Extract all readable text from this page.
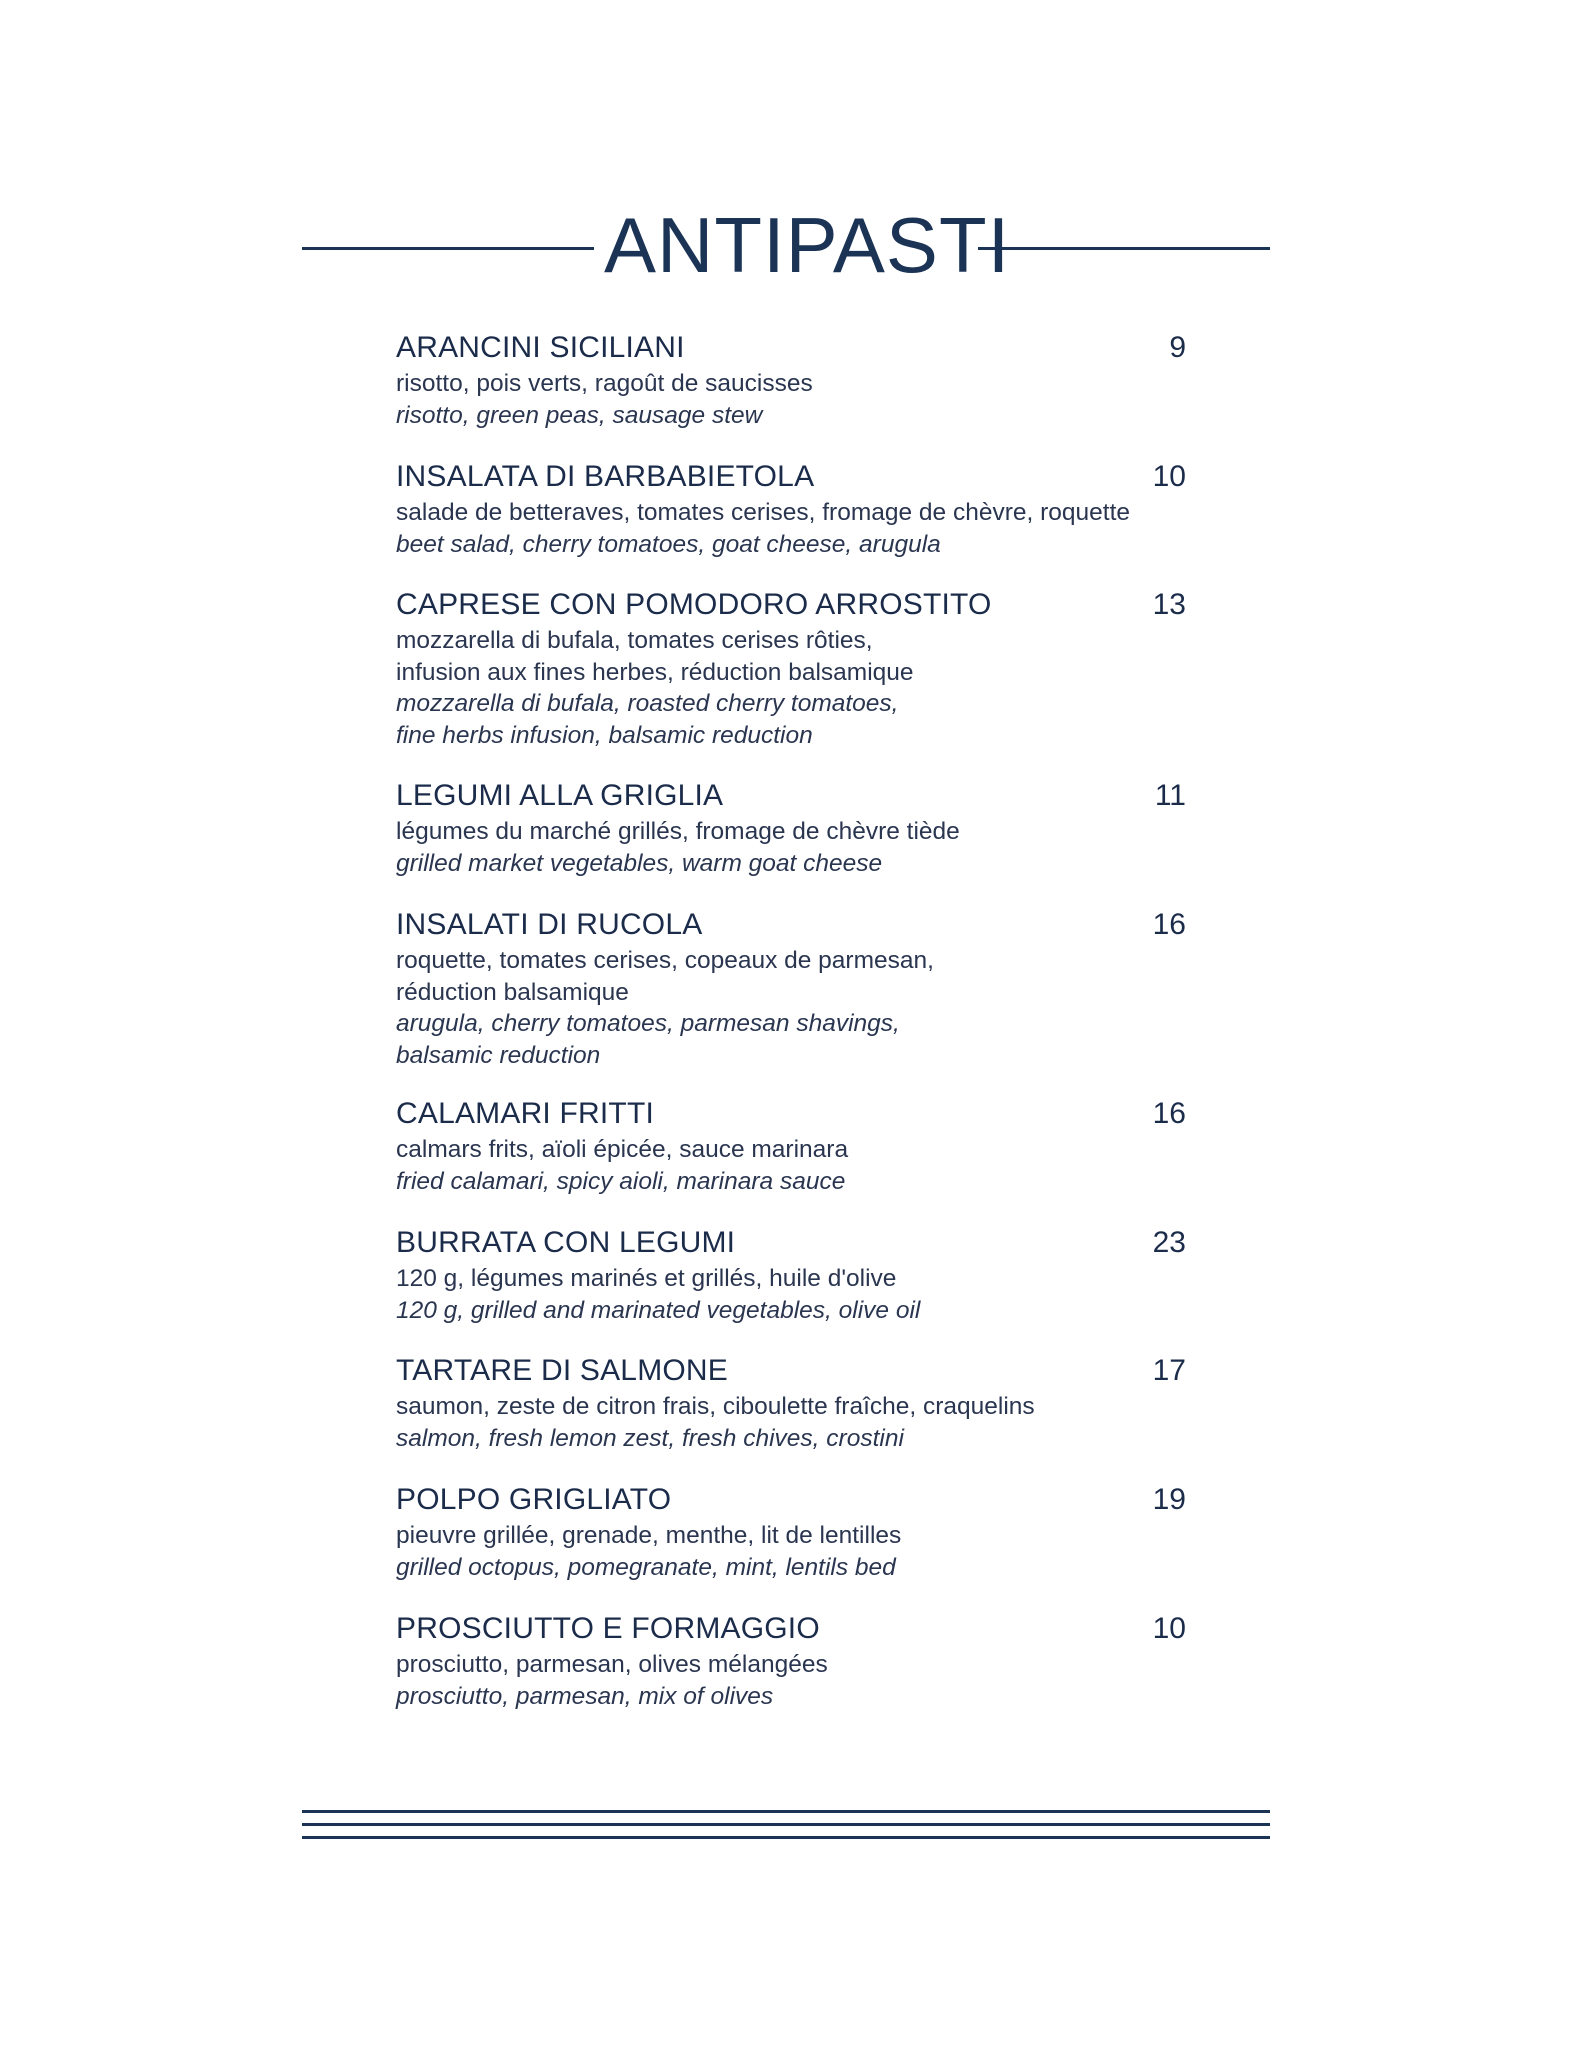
ANTIPASTI
ARANCINI SICILIANI	9
risotto, pois verts, ragoût de saucisses
risotto, green peas, sausage stew
INSALATA DI BARBABIETOLA	10
salade de betteraves, tomates cerises, fromage de chèvre, roquette
beet salad, cherry tomatoes, goat cheese, arugula
CAPRESE CON POMODORO ARROSTITO	13
mozzarella di bufala, tomates cerises rôties,
infusion aux fines herbes, réduction balsamique
mozzarella di bufala, roasted cherry tomatoes,
fine herbs infusion, balsamic reduction
LEGUMI ALLA GRIGLIA	11
légumes du marché grillés, fromage de chèvre tiède
grilled market vegetables, warm goat cheese
INSALATI DI RUCOLA	16
roquette, tomates cerises, copeaux de parmesan,
réduction balsamique
arugula, cherry tomatoes, parmesan shavings,
balsamic reduction
CALAMARI FRITTI	16
calmars frits, aïoli épicée, sauce marinara
fried calamari, spicy aioli, marinara sauce
BURRATA CON LEGUMI	23
120 g, légumes marinés et grillés, huile d'olive
120 g, grilled and marinated vegetables, olive oil
TARTARE DI SALMONE	17
saumon, zeste de citron frais, ciboulette fraîche, craquelins
salmon, fresh lemon zest, fresh chives, crostini
POLPO GRIGLIATO	19
pieuvre grillée, grenade, menthe, lit de lentilles
grilled octopus, pomegranate, mint, lentils bed
PROSCIUTTO E FORMAGGIO	10
prosciutto, parmesan, olives mélangées
prosciutto, parmesan, mix of olives
